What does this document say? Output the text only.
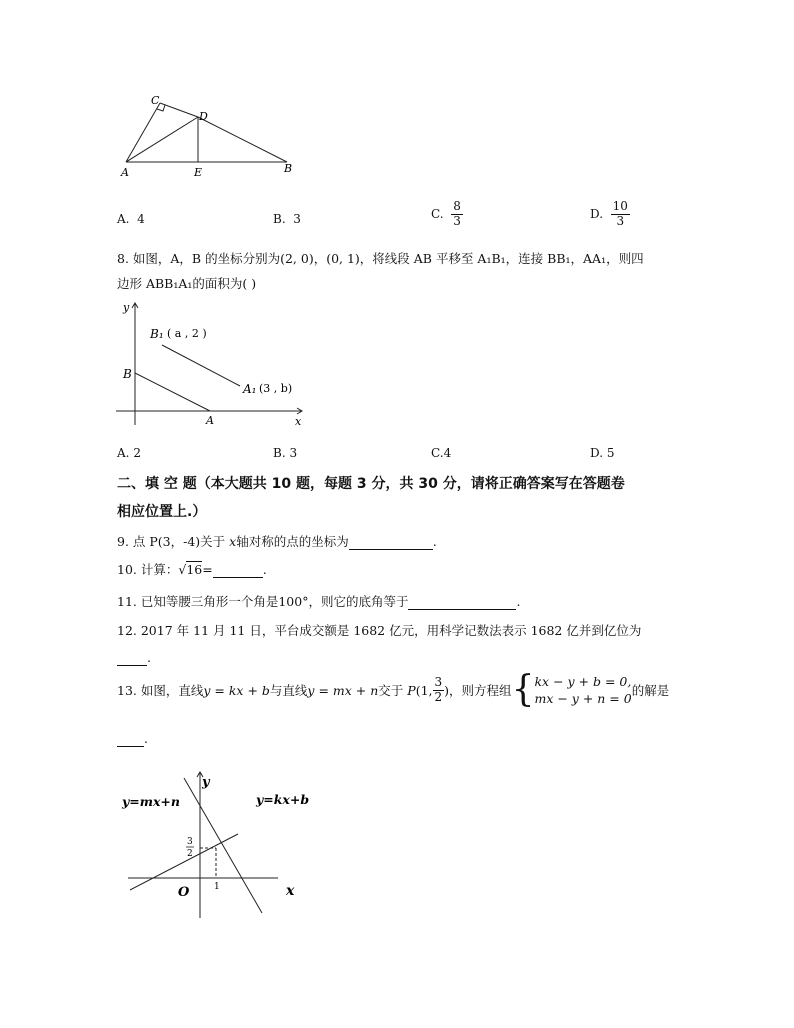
C
D
A	E	B
A. 4	B. 3	C. $\frac{8}{3}$	D. $\frac{10}{3}$
8. 如图，A，B 的坐标分别为(2, 0)，(0, 1)，将线段 AB 平移至 A₁B₁，连接 BB₁，AA₁，则四
边形 ABB₁A₁的面积为( )
y
x
B
A
B₁ ( a , 2 )
A₁ (3 , b)
A. 2	B. 3	C.4	D. 5
二、填 空 题（本大题共 10 题，每题 3 分，共 30 分，请将正确答案写在答题卷
相应位置上.）
9. 点 P(3，-4)关于 x轴对称的点的坐标为	.
10. 计算：√16=	.
11. 已知等腰三角形一个角是100°，则它的底角等于	.
12. 2017 年 11 月 11 日，平台成交额是 1682 亿元，用科学记数法表示 1682 亿并到亿位为
.
13. 如图，直线 y = kx + b 与直线 y = mx + n 交于 P (1, $\frac{3}{2}$ ) ，则方程组 { kx − y + b = 0,
mx − y + n = 0
的解是
.
y
x
O
y=mx+n	y=kx+b
3
2
1
